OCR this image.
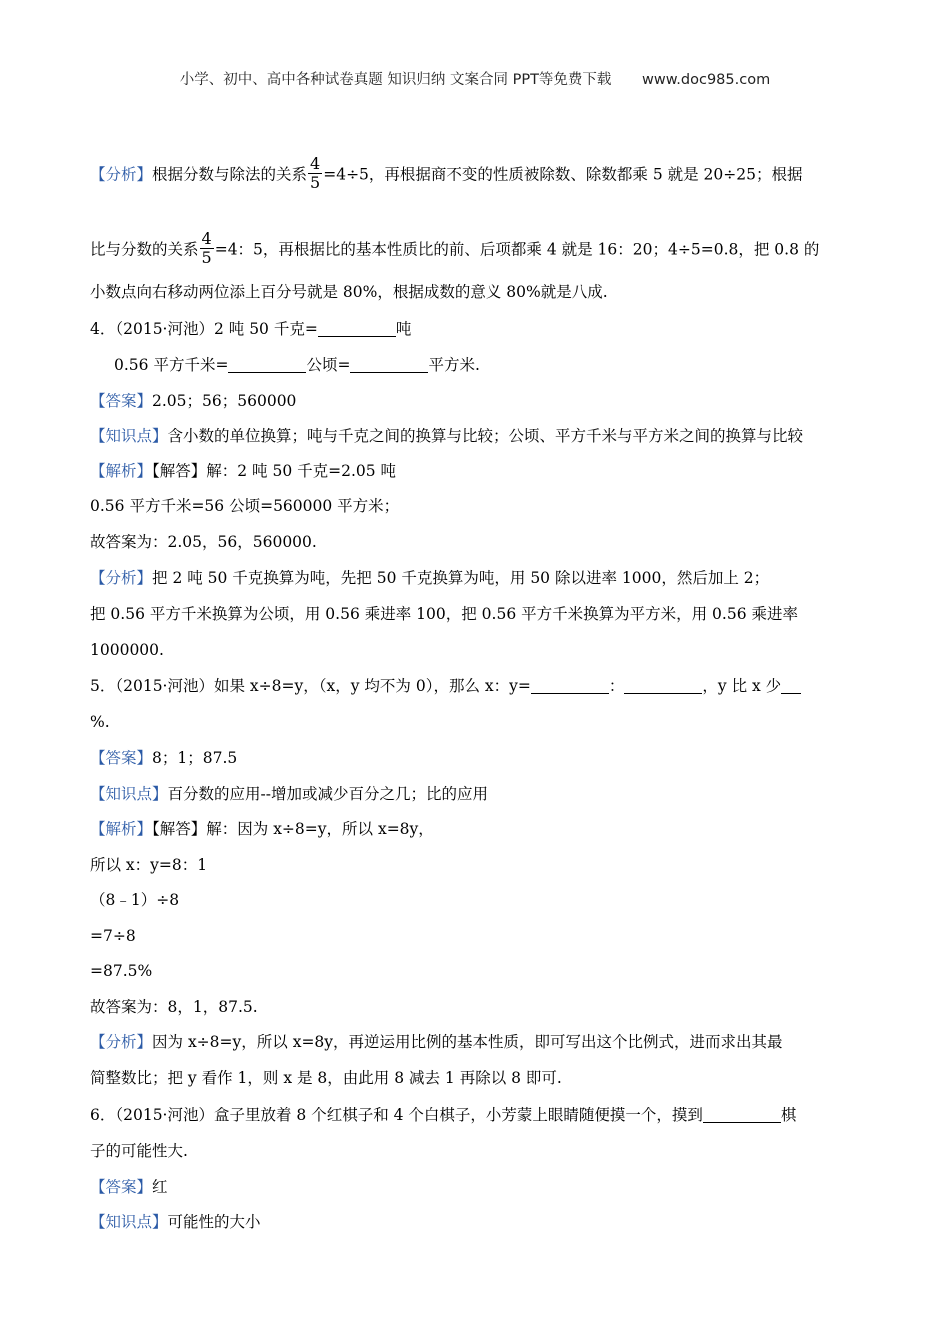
小学、初中、高中各种试卷真题 知识归纳 文案合同 PPT等免费下载 www.doc985.com
【分析】根据分数与除法的关系 $\frac{4}{5} =4\div 5$，再根据商不变的性质被除数、除数都乘 5 就是 20÷25；根据
比与分数的关系 $\frac{4}{5} =4$：5，再根据比的基本性质比的前、后项都乘 4 就是 16：20；4÷5=0.8，把 0.8 的
小数点向右移动两位添上百分号就是 80%，根据成数的意义 80%就是八成.
4．（2015·河池）2 吨 50 千克=	吨
0.56 平方千米=	公顷=	平方米.
【答案】2.05；56；560000
【知识点】含小数的单位换算；吨与千克之间的换算与比较；公顷、平方千米与平方米之间的换算与比较
【解析】【解答】解：2 吨 50 千克=2.05 吨
0.56 平方千米=56 公顷=560000 平方米；
故答案为：2.05，56，560000.
【分析】把 2 吨 50 千克换算为吨，先把 50 千克换算为吨，用 50 除以进率 1000，然后加上 2；
把 0.56 平方千米换算为公顷，用 0.56 乘进率 100，把 0.56 平方千米换算为平方米，用 0.56 乘进率
1000000.
5．（2015·河池）如果 x÷8=y，（x，y 均不为 0），那么 x：y=	：	，y 比 x 少
%.
【答案】8；1；87.5
【知识点】百分数的应用--增加或减少百分之几；比的应用
【解析】【解答】解：因为 x÷8=y，所以 x=8y，
所以 x：y=8：1
（8﹣1）÷8
=7÷8
=87.5%
故答案为：8，1，87.5.
【分析】因为 x÷8=y，所以 x=8y，再逆运用比例的基本性质，即可写出这个比例式，进而求出其最
简整数比；把 y 看作 1，则 x 是 8，由此用 8 减去 1 再除以 8 即可.
6．（2015·河池）盒子里放着 8 个红棋子和 4 个白棋子，小芳蒙上眼睛随便摸一个，摸到	棋
子的可能性大.
【答案】红
【知识点】可能性的大小
